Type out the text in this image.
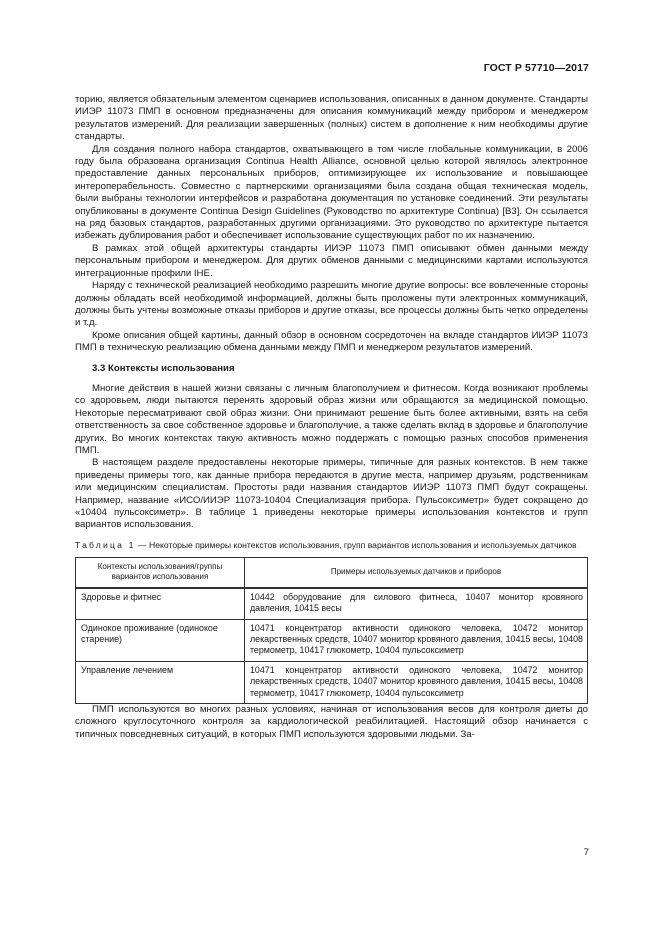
ГОСТ Р 57710—2017

торию, является обязательным элементом сценариев использования, описанных в данном документе. Стандарты ИИЭР 11073 ПМП в основном предназначены для описания коммуникаций между прибором и менеджером результатов измерений. Для реализации завершенных (полных) систем в дополнение к ним необходимы другие стандарты.

Для создания полного набора стандартов, охватывающего в том числе глобальные коммуникации, в 2006 году была образована организация Continua Health Alliance, основной целью которой являлось электронное предоставление данных персональных приборов, оптимизирующее их использование и повышающее интероперабельность. Совместно с партнерскими организациями была создана общая техническая модель, были выбраны технологии интерфейсов и разработана документация по установке соединений. Эти результаты опубликованы в документе Continua Design Guidelines (Руководство по архитектуре Continua) [В3]. Он ссылается на ряд базовых стандартов, разработанных другими организациями. Это руководство по архитектуре пытается избежать дублирования работ и обеспечивает использование существующих работ по их назначению.

В рамках этой общей архитектуры стандарты ИИЭР 11073 ПМП описывают обмен данными между персональным прибором и менеджером. Для других обменов данными с медицинскими картами используются интеграционные профили IHE.

Наряду с технической реализацией необходимо разрешить многие другие вопросы: все вовлеченные стороны должны обладать всей необходимой информацией, должны быть проложены пути электронных коммуникаций, должны быть учтены возможные отказы приборов и другие отказы, все процессы должны быть четко определены и т.д.

Кроме описания общей картины, данный обзор в основном сосредоточен на вкладе стандартов ИИЭР 11073 ПМП в техническую реализацию обмена данными между ПМП и менеджером результатов измерений.

3.3 Контексты использования

Многие действия в нашей жизни связаны с личным благополучием и фитнесом. Когда возникают проблемы со здоровьем, люди пытаются перенять здоровый образ жизни или обращаются за медицинской помощью. Некоторые пересматривают свой образ жизни. Они принимают решение быть более активными, взять на себя ответственность за свое собственное здоровье и благополучие, а также сделать вклад в здоровье и благополучие других. Во многих контекстах такую активность можно поддержать с помощью разных способов применения ПМП.

В настоящем разделе предоставлены некоторые примеры, типичные для разных контекстов. В нем также приведены примеры того, как данные прибора передаются в другие места, например друзьям, родственникам или медицинским специалистам. Простоты ради названия стандартов ИИЭР 11073 ПМП будут сокращены. Например, название «ИСО/ИИЭР 11073-10404 Специализация прибора. Пульсоксиметр» будет сокращено до «10404 пульсоксиметр». В таблице 1 приведены некоторые примеры использования контекстов и групп вариантов использования.

Таблица 1 — Некоторые примеры контекстов использования, групп вариантов использования и используемых датчиков
Контексты использования/группы вариантов использования	Примеры используемых датчиков и приборов
Здоровье и фитнес	10442 оборудование для силового фитнеса, 10407 монитор кровяного давления, 10415 весы
Одинокое проживание (одинокое старение)	10471 концентратор активности одинокого человека, 10472 монитор лекарственных средств, 10407 монитор кровяного давления, 10415 весы, 10408 термометр, 10417 глюкометр, 10404 пульсоксиметр
Управление лечением	10471 концентратор активности одинокого человека, 10472 монитор лекарственных средств, 10407 монитор кровяного давления, 10415 весы, 10408 термометр, 10417 глюкометр, 10404 пульсоксиметр

ПМП используются во многих разных условиях, начиная от использования весов для контроля диеты до сложного круглосуточного контроля за кардиологической реабилитацией. Настоящий обзор начинается с типичных повседневных ситуаций, в которых ПМП используются здоровыми людьми. За-

7
